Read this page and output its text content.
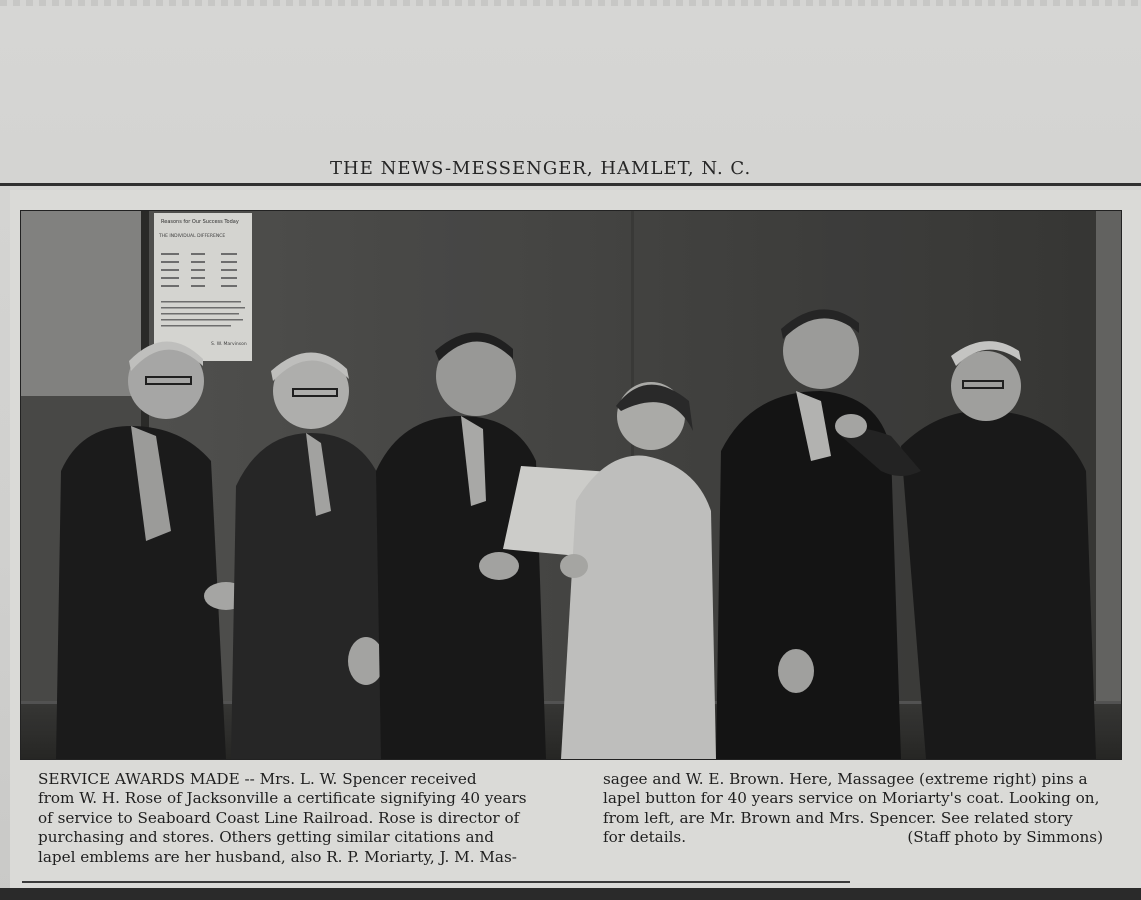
THE NEWS-MESSENGER, HAMLET, N. C.
Reasons for Our Success Today
THE INDIVIDUAL DIFFERENCE
S. W. Marvinson
SERVICE AWARDS MADE -- Mrs. L. W. Spencer received
from W. H. Rose of Jacksonville a certificate signifying 40 years
of service to Seaboard Coast Line Railroad. Rose is director of
purchasing and stores. Others getting similar citations and
lapel emblems are her husband, also R. P. Moriarty, J. M. Mas-
sagee and W. E. Brown. Here, Massagee (extreme right) pins a
lapel button for 40 years service on Moriarty's coat. Looking on,
from left, are Mr. Brown and Mrs. Spencer. See related story
(Staff photo by Simmons)
for details.
